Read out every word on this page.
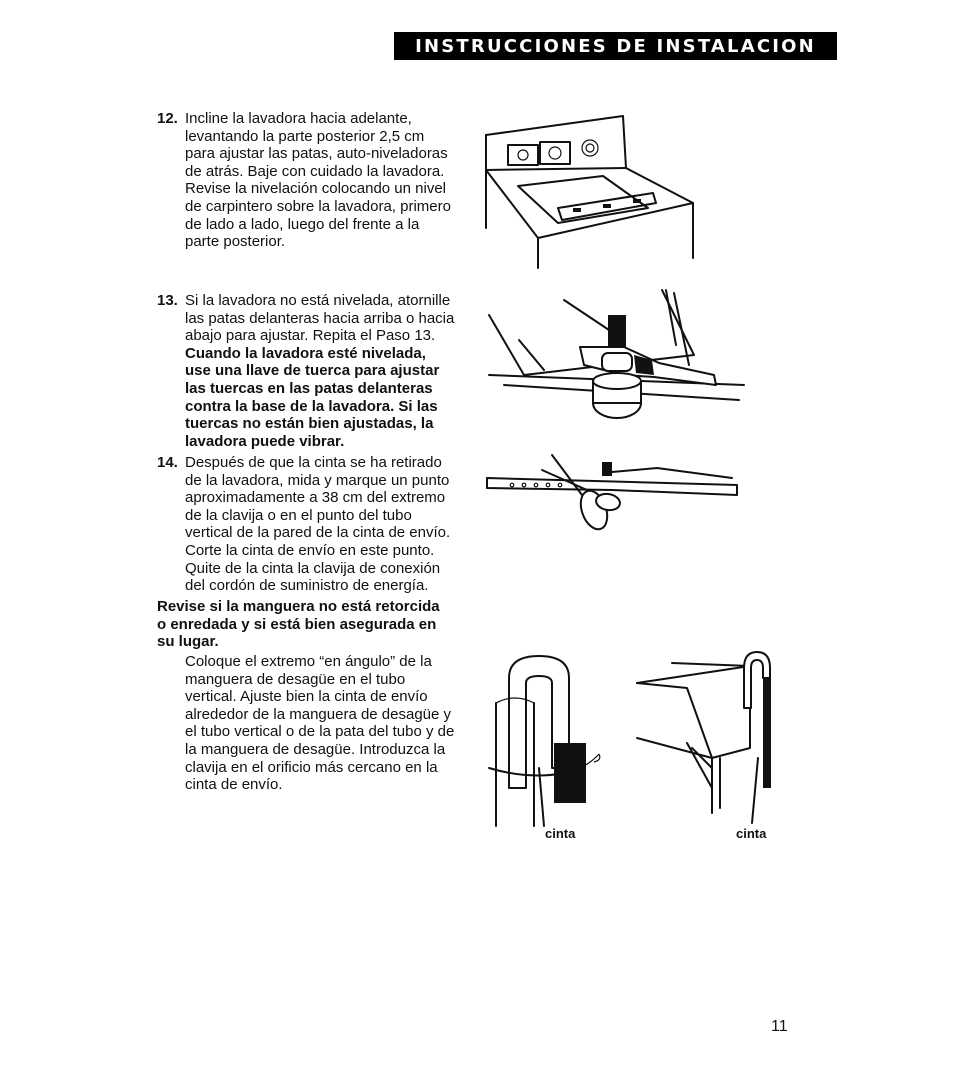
INSTRUCCIONES DE INSTALACION
12. Incline la lavadora hacia adelante,
levantando la parte posterior 2,5 cm
para ajustar las patas, auto-niveladoras
de atrás. Baje con cuidado la lavadora.
Revise la nivelación colocando un nivel
de carpintero sobre la lavadora, primero
de lado a lado, luego del frente a la
parte posterior.
13. Si la lavadora no está nivelada, atornille
las patas delanteras hacia arriba o hacia
abajo para ajustar. Repita el Paso 13.
Cuando la lavadora esté nivelada,
use una llave de tuerca para ajustar
las tuercas en las patas delanteras
contra la base de la lavadora. Si las
tuercas no están bien ajustadas, la
lavadora puede vibrar.
14. Después de que la cinta se ha retirado
de la lavadora, mida y marque un punto
aproximadamente a 38 cm del extremo
de la clavija o en el punto del tubo
vertical de la pared de la cinta de envío.
Corte la cinta de envío en este punto.
Quite de la cinta la clavija de conexión
del cordón de suministro de energía.
Revise si la manguera no está retorcida
o enredada y si está bien asegurada en
su lugar.
Coloque el extremo “en ángulo” de la
manguera de desagüe en el tubo
vertical. Ajuste bien la cinta de envío
alrededor de la manguera de desagüe y
el tubo vertical o de la pata del tubo y de
la manguera de desagüe. Introduzca la
clavija en el orificio más cercano en la
cinta de envío.
cinta	cinta
11
